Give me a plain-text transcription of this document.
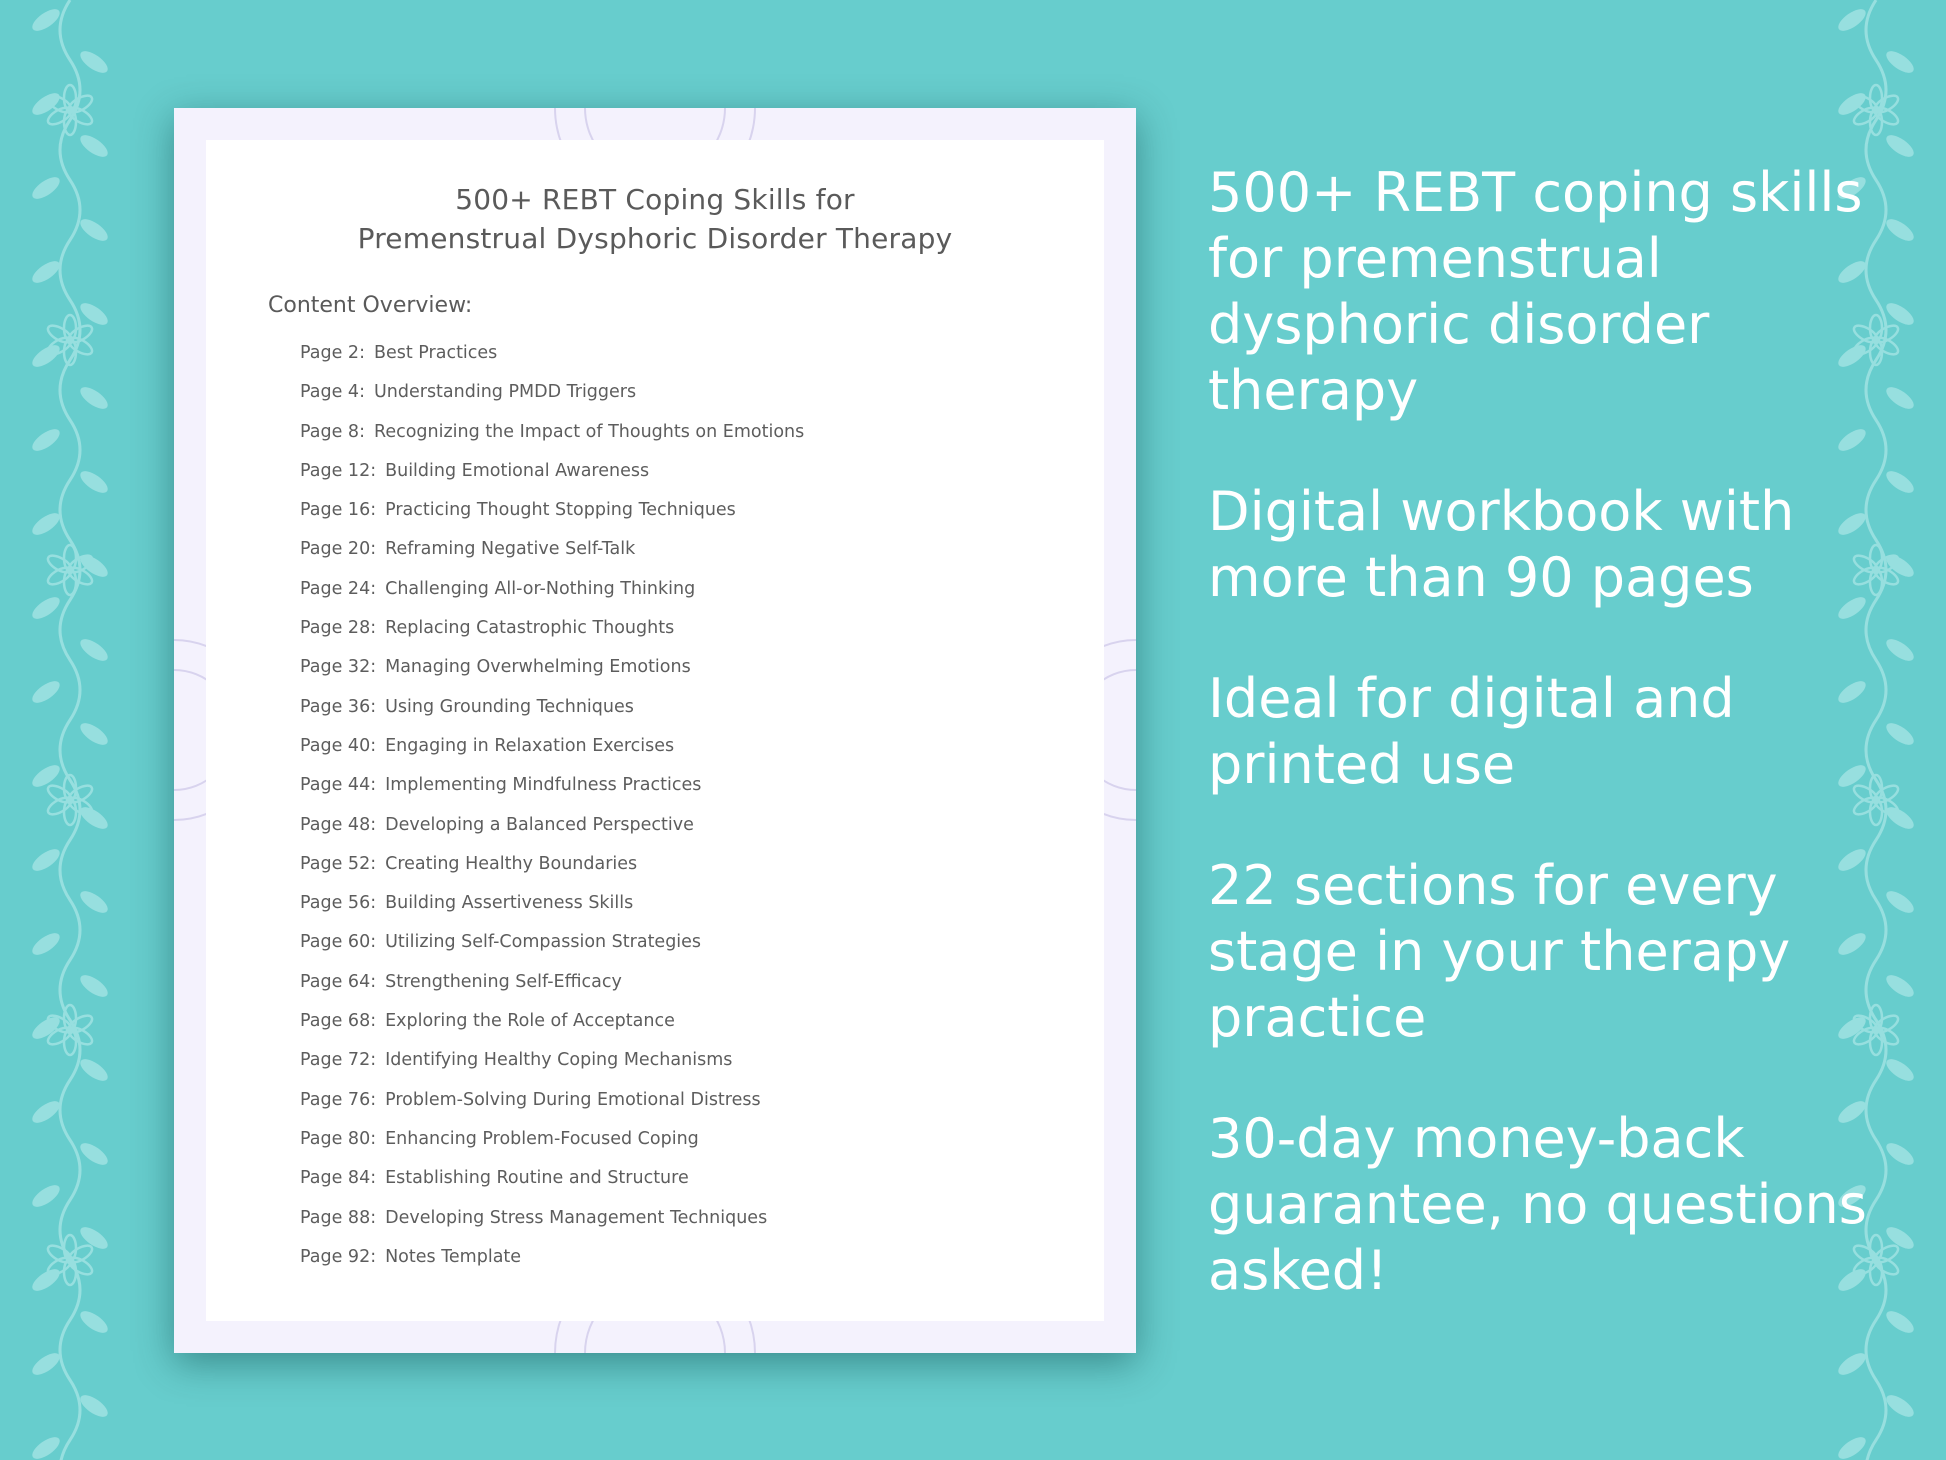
500+ REBT Coping Skills for
Premenstrual Dysphoric Disorder Therapy
Content Overview:
Page 2: Best Practices
Page 4: Understanding PMDD Triggers
Page 8: Recognizing the Impact of Thoughts on Emotions
Page 12: Building Emotional Awareness
Page 16: Practicing Thought Stopping Techniques
Page 20: Reframing Negative Self-Talk
Page 24: Challenging All-or-Nothing Thinking
Page 28: Replacing Catastrophic Thoughts
Page 32: Managing Overwhelming Emotions
Page 36: Using Grounding Techniques
Page 40: Engaging in Relaxation Exercises
Page 44: Implementing Mindfulness Practices
Page 48: Developing a Balanced Perspective
Page 52: Creating Healthy Boundaries
Page 56: Building Assertiveness Skills
Page 60: Utilizing Self-Compassion Strategies
Page 64: Strengthening Self-Efficacy
Page 68: Exploring the Role of Acceptance
Page 72: Identifying Healthy Coping Mechanisms
Page 76: Problem-Solving During Emotional Distress
Page 80: Enhancing Problem-Focused Coping
Page 84: Establishing Routine and Structure
Page 88: Developing Stress Management Techniques
Page 92: Notes Template

500+ REBT coping skills for premenstrual dysphoric disorder therapy

Digital workbook with more than 90 pages

Ideal for digital and printed use

22 sections for every stage in your therapy practice

30-day money-back guarantee, no questions asked!
